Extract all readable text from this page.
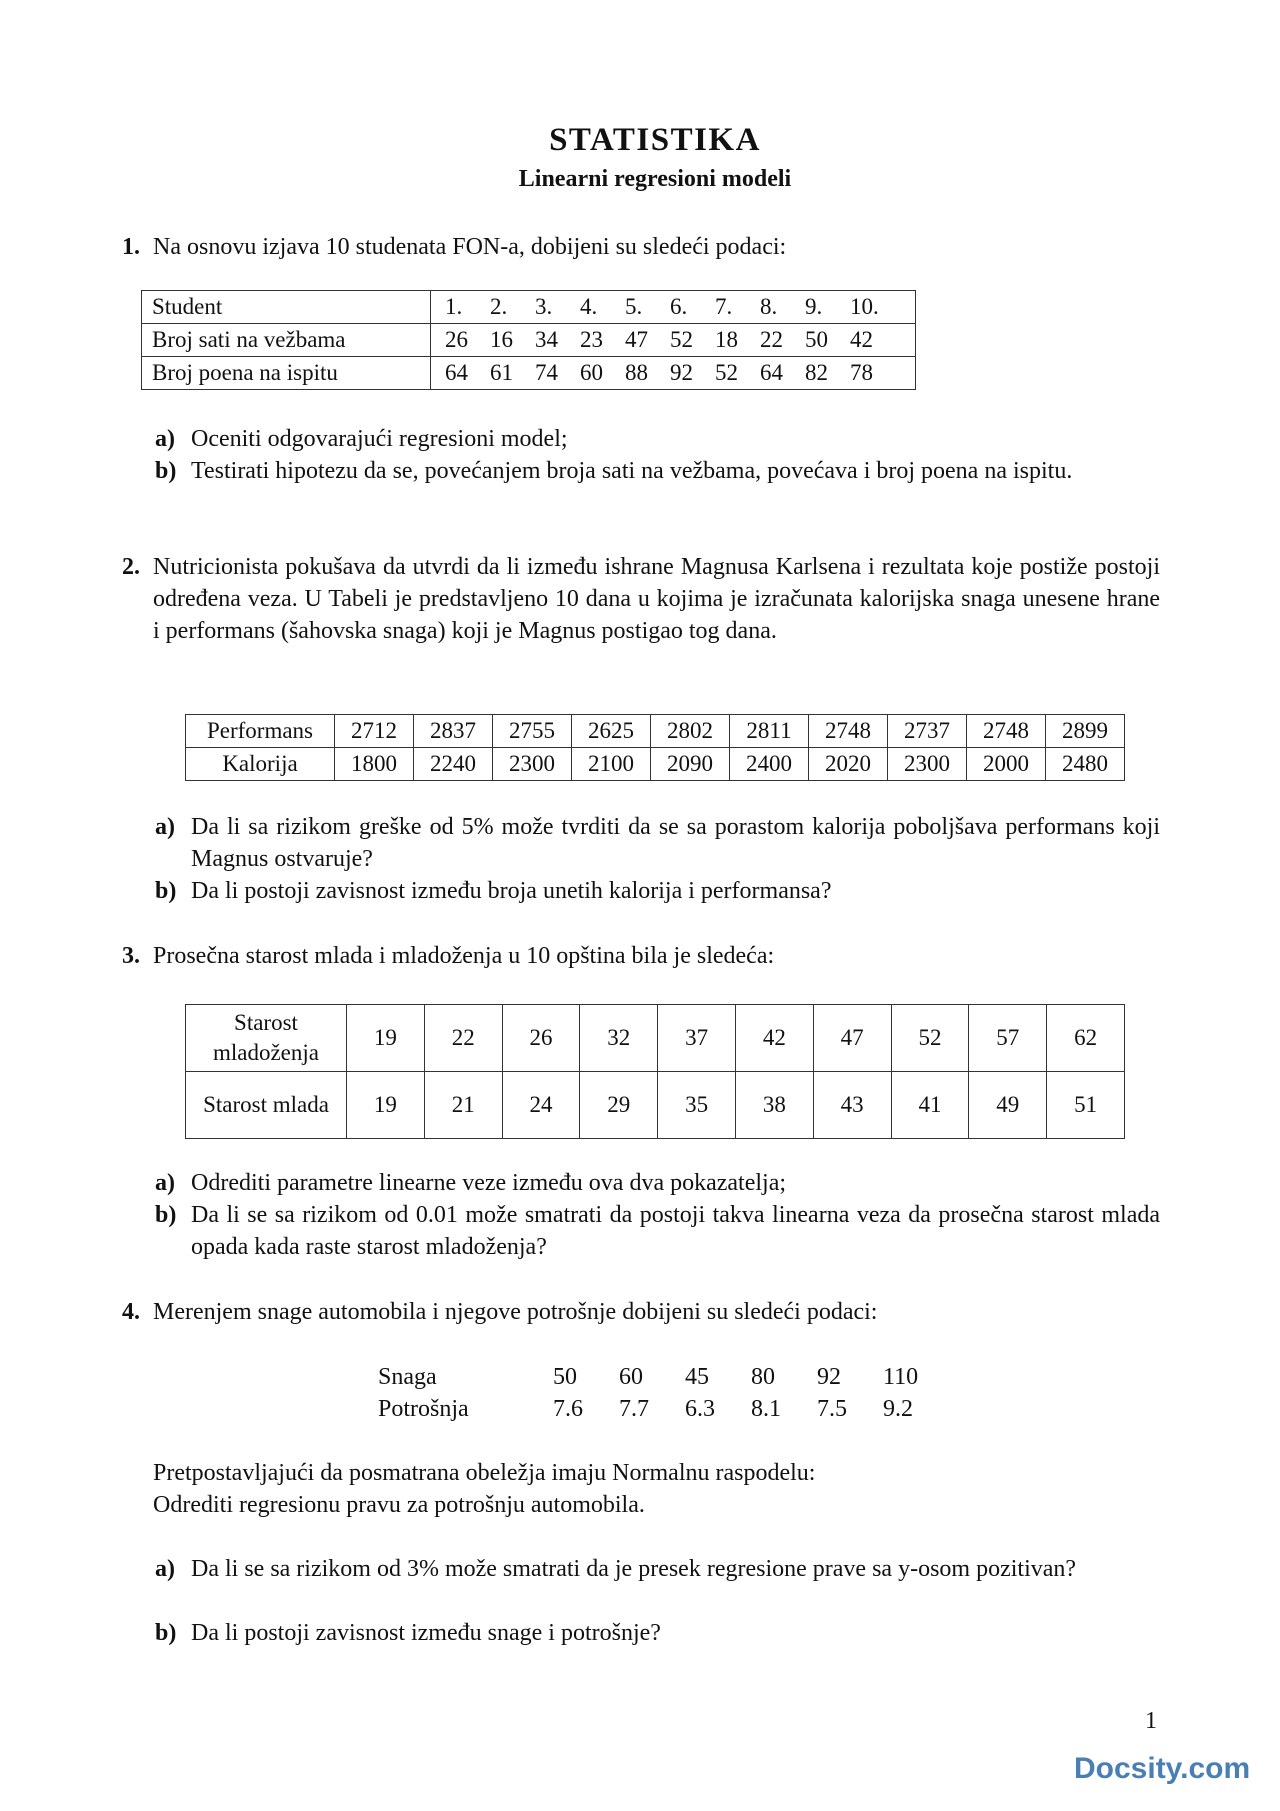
STATISTIKA
Linearni regresioni modeli
1. Na osnovu izjava 10 studenata FON-a, dobijeni su sledeći podaci:
Student	1. 2. 3. 4. 5. 6. 7. 8. 9. 10.
Broj sati na vežbama	26 16 34 23 47 52 18 22 50 42
Broj poena na ispitu	64 61 74 60 88 92 52 64 82 78
a) Oceniti odgovarajući regresioni model;
b) Testirati hipotezu da se, povećanjem broja sati na vežbama, povećava i broj poena na ispitu.
2. Nutricionista pokušava da utvrdi da li između ishrane Magnusa Karlsena i rezultata koje postiže postoji određena veza. U Tabeli je predstavljeno 10 dana u kojima je izračunata kalorijska snaga unesene hrane i performans (šahovska snaga) koji je Magnus postigao tog dana.
Performans	2712	2837	2755	2625	2802	2811	2748	2737	2748	2899
Kalorija	1800	2240	2300	2100	2090	2400	2020	2300	2000	2480
a) Da li sa rizikom greške od 5% može tvrditi da se sa porastom kalorija poboljšava performans koji Magnus ostvaruje?
b) Da li postoji zavisnost između broja unetih kalorija i performansa?
3. Prosečna starost mlada i mladoženja u 10 opština bila je sledeća:
Starost mladoženja	19	22	26	32	37	42	47	52	57	62
Starost mlada	19	21	24	29	35	38	43	41	49	51
a) Odrediti parametre linearne veze između ova dva pokazatelja;
b) Da li se sa rizikom od 0.01 može smatrati da postoji takva linearna veza da prosečna starost mlada opada kada raste starost mladoženja?
4. Merenjem snage automobila i njegove potrošnje dobijeni su sledeći podaci:
Snaga	50 60 45 80 92 110
Potrošnja	7.6 7.7 6.3 8.1 7.5 9.2
Pretpostavljajući da posmatrana obeležja imaju Normalnu raspodelu:
Odrediti regresionu pravu za potrošnju automobila.
a) Da li se sa rizikom od 3% može smatrati da je presek regresione prave sa y-osom pozitivan?
b) Da li postoji zavisnost između snage i potrošnje?
1
Docsity.com
